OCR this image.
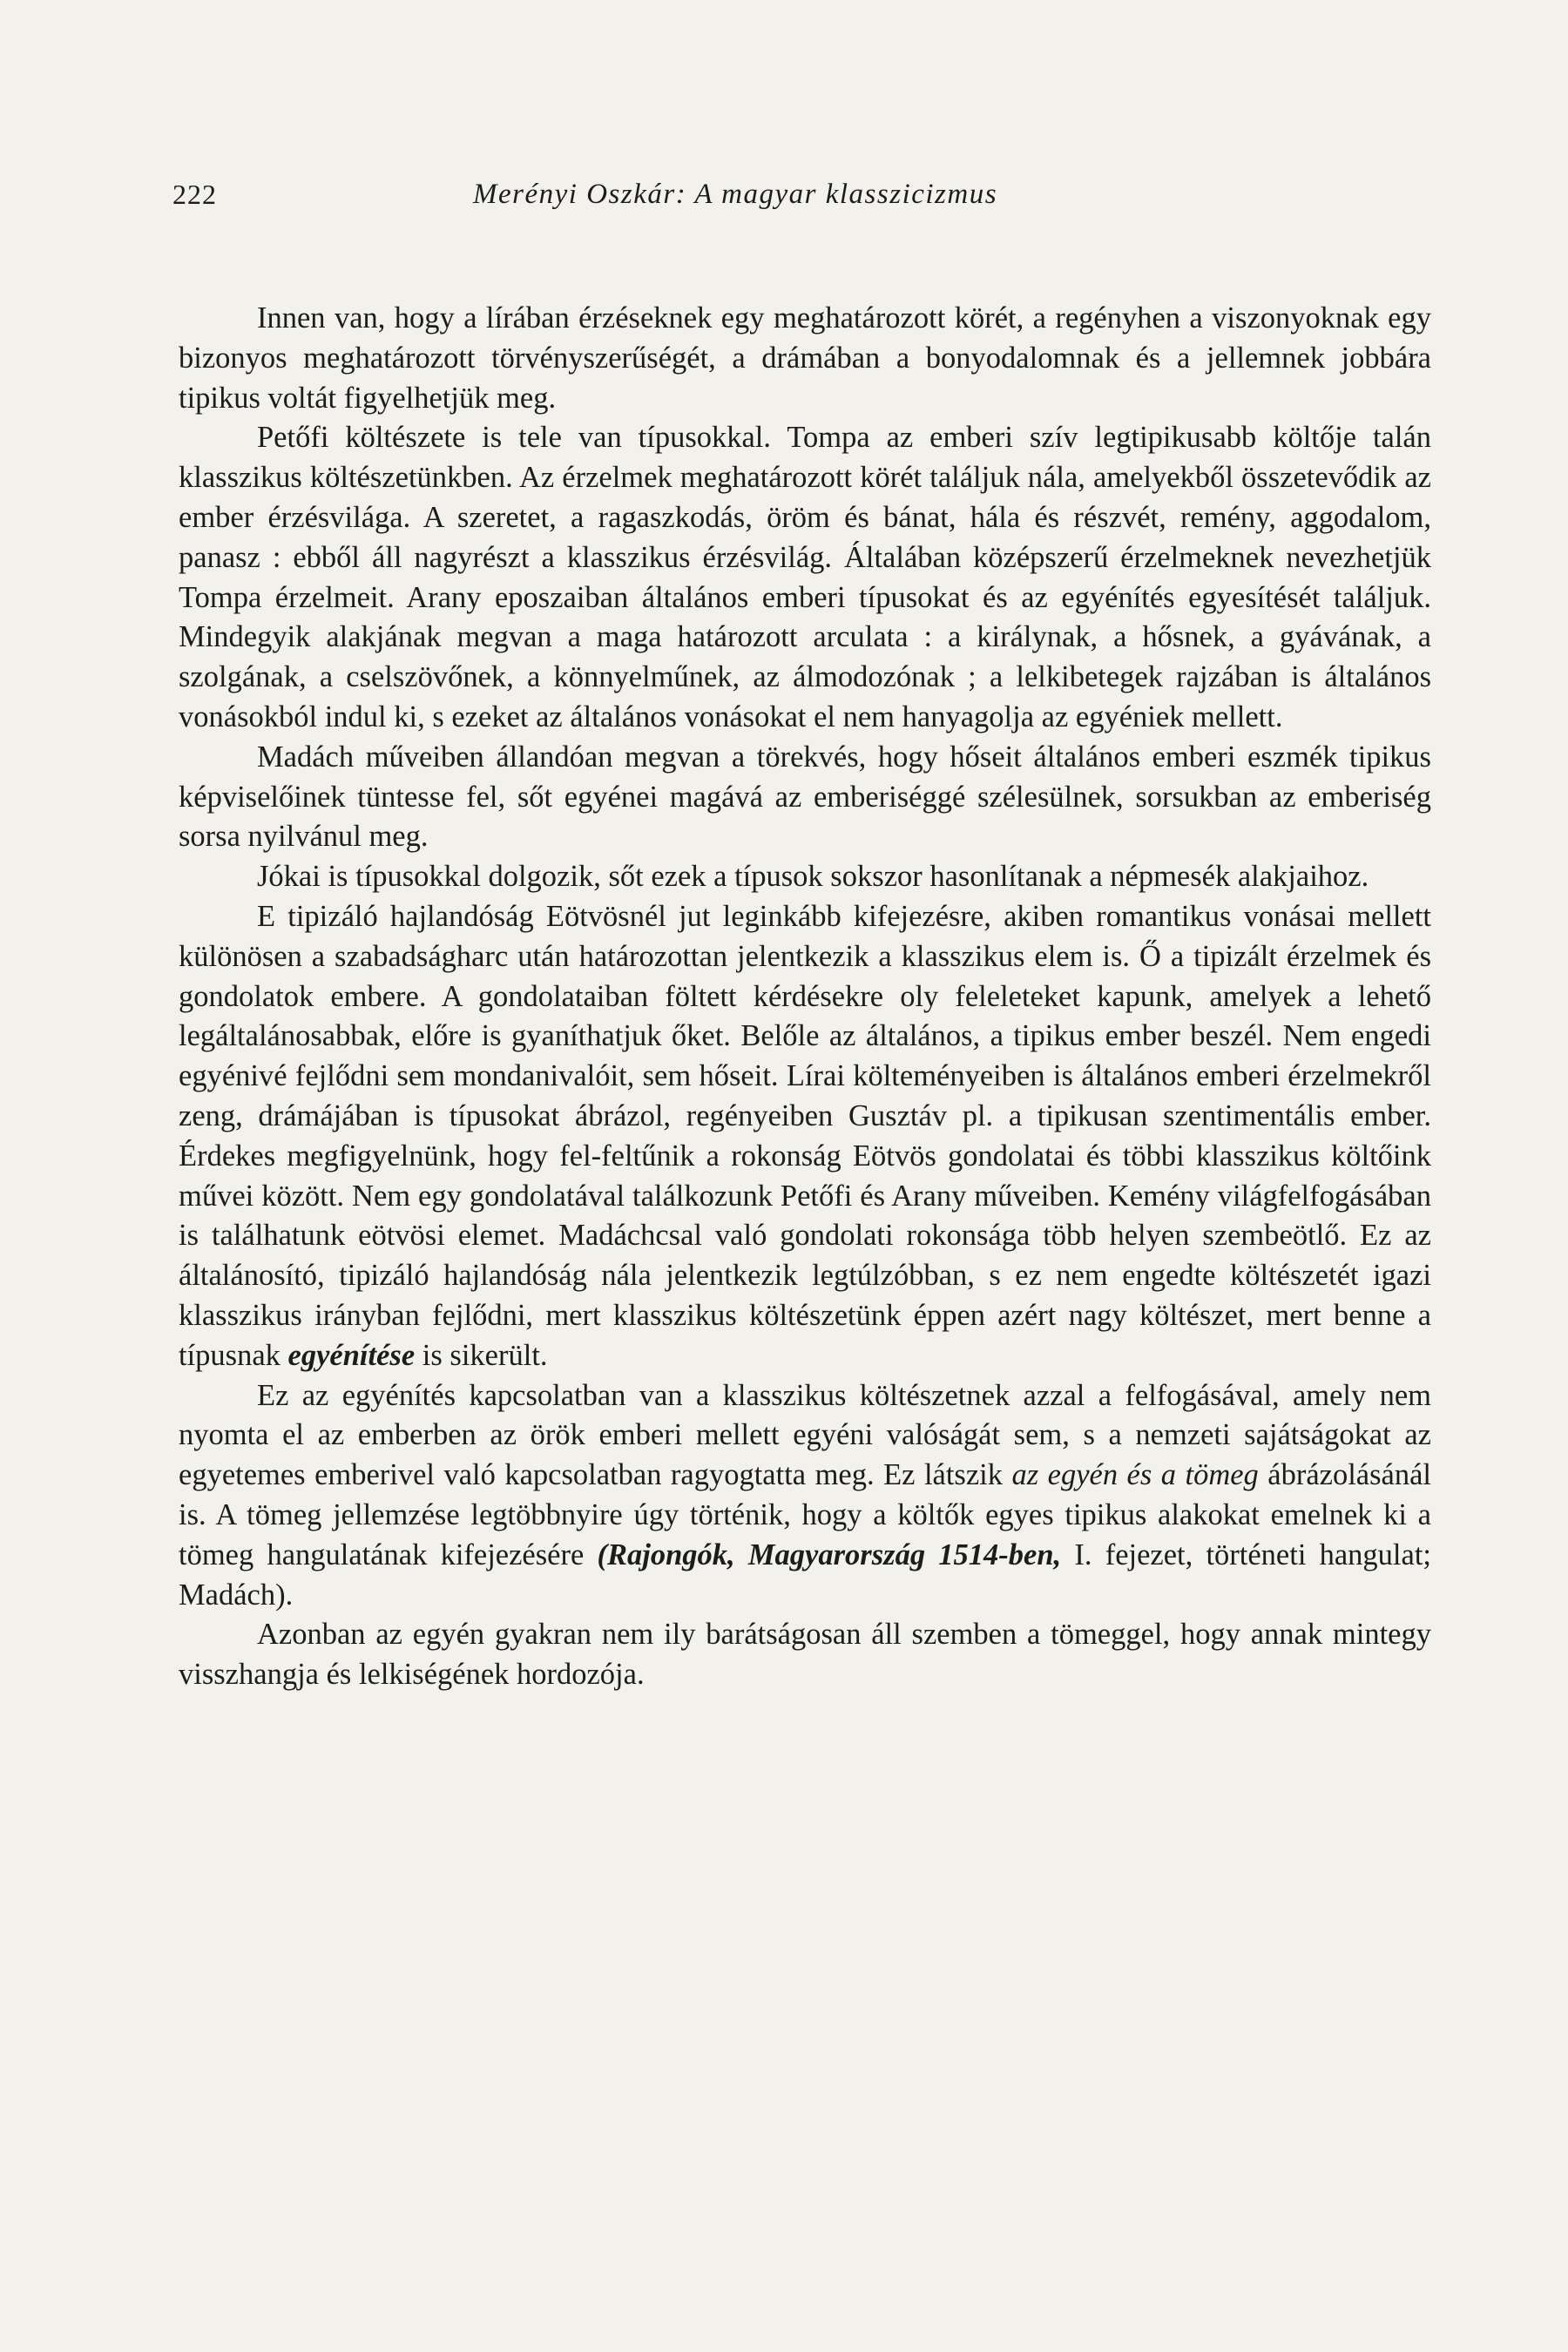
222	Merényi Oszkár: A magyar klasszicizmus

Innen van, hogy a lírában érzéseknek egy meghatározott körét, a regényhen a viszonyoknak egy bizonyos meghatározott törvényszerűségét, a drámában a bonyodalomnak és a jellemnek jobbára tipikus voltát figyelhetjük meg.

Petőfi költészete is tele van típusokkal. Tompa az emberi szív legtipikusabb költője talán klasszikus költészetünkben. Az érzelmek meghatározott körét találjuk nála, amelyekből összetevődik az ember érzésvilága. A szeretet, a ragaszkodás, öröm és bánat, hála és részvét, remény, aggodalom, panasz : ebből áll nagyrészt a klasszikus érzésvilág. Általában középszerű érzelmeknek nevezhetjük Tompa érzelmeit. Arany eposzaiban általános emberi típusokat és az egyénítés egyesítését találjuk. Mindegyik alakjának megvan a maga határozott arculata : a királynak, a hősnek, a gyávának, a szolgának, a cselszövőnek, a könnyelműnek, az álmodozónak ; a lelkibetegek rajzában is általános vonásokból indul ki, s ezeket az általános vonásokat el nem hanyagolja az egyéniek mellett.

Madách műveiben állandóan megvan a törekvés, hogy hőseit általános emberi eszmék tipikus képviselőinek tüntesse fel, sőt egyénei magává az emberiséggé szélesülnek, sorsukban az emberiség sorsa nyilvánul meg.

Jókai is típusokkal dolgozik, sőt ezek a típusok sokszor hasonlítanak a népmesék alakjaihoz.

E tipizáló hajlandóság Eötvösnél jut leginkább kifejezésre, akiben romantikus vonásai mellett különösen a szabadságharc után határozottan jelentkezik a klasszikus elem is. Ő a tipizált érzelmek és gondolatok embere. A gondolataiban föltett kérdésekre oly feleleteket kapunk, amelyek a lehető legáltalánosabbak, előre is gyaníthatjuk őket. Belőle az általános, a tipikus ember beszél. Nem engedi egyénivé fejlődni sem mondanivalóit, sem hőseit. Lírai költeményeiben is általános emberi érzelmekről zeng, drámájában is típusokat ábrázol, regényeiben Gusztáv pl. a tipikusan szentimentális ember. Érdekes megfigyelnünk, hogy fel-feltűnik a rokonság Eötvös gondolatai és többi klasszikus költőink művei között. Nem egy gondolatával találkozunk Petőfi és Arany műveiben. Kemény világfelfogásában is találhatunk eötvösi elemet. Madáchcsal való gondolati rokonsága több helyen szembeötlő. Ez az általánosító, tipizáló hajlandóság nála jelentkezik legtúlzóbban, s ez nem engedte költészetét igazi klasszikus irányban fejlődni, mert klasszikus költészetünk éppen azért nagy költészet, mert benne a típusnak egyénítése is sikerült.

Ez az egyénítés kapcsolatban van a klasszikus költészetnek azzal a felfogásával, amely nem nyomta el az emberben az örök emberi mellett egyéni valóságát sem, s a nemzeti sajátságokat az egyetemes emberivel való kapcsolatban ragyogtatta meg. Ez látszik az egyén és a tömeg ábrázolásánál is. A tömeg jellemzése legtöbbnyire úgy történik, hogy a költők egyes tipikus alakokat emelnek ki a tömeg hangulatának kifejezésére (Rajongók, Magyarország 1514-ben, I. fejezet, történeti hangulat; Madách).

Azonban az egyén gyakran nem ily barátságosan áll szemben a tömeggel, hogy annak mintegy visszhangja és lelkiségének hordozója.
